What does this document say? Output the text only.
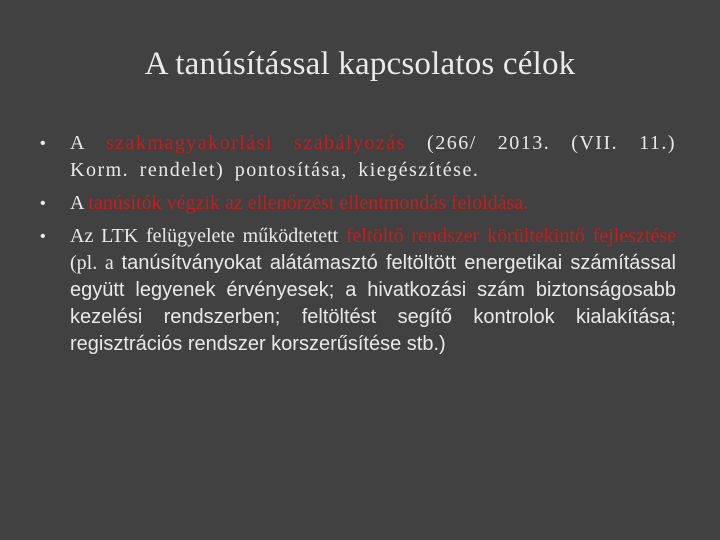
A tanúsítással kapcsolatos célok
• A szakmagyakorlási szabályozás (266/ 2013. (VII. 11.) Korm. rendelet) pontosítása, kiegészítése.
• A tanúsítók végzik az ellenőrzést ellentmondás feloldása.
• Az LTK felügyelete működtetett feltöltő rendszer körültekintő fejlesztése (pl. a tanúsítványokat alátámasztó feltöltött energetikai számítással együtt legyenek érvényesek; a hivatkozási szám biztonságosabb kezelési rendszerben; feltöltést segítő kontrolok kialakítása; regisztrációs rendszer korszerűsítése stb.)
